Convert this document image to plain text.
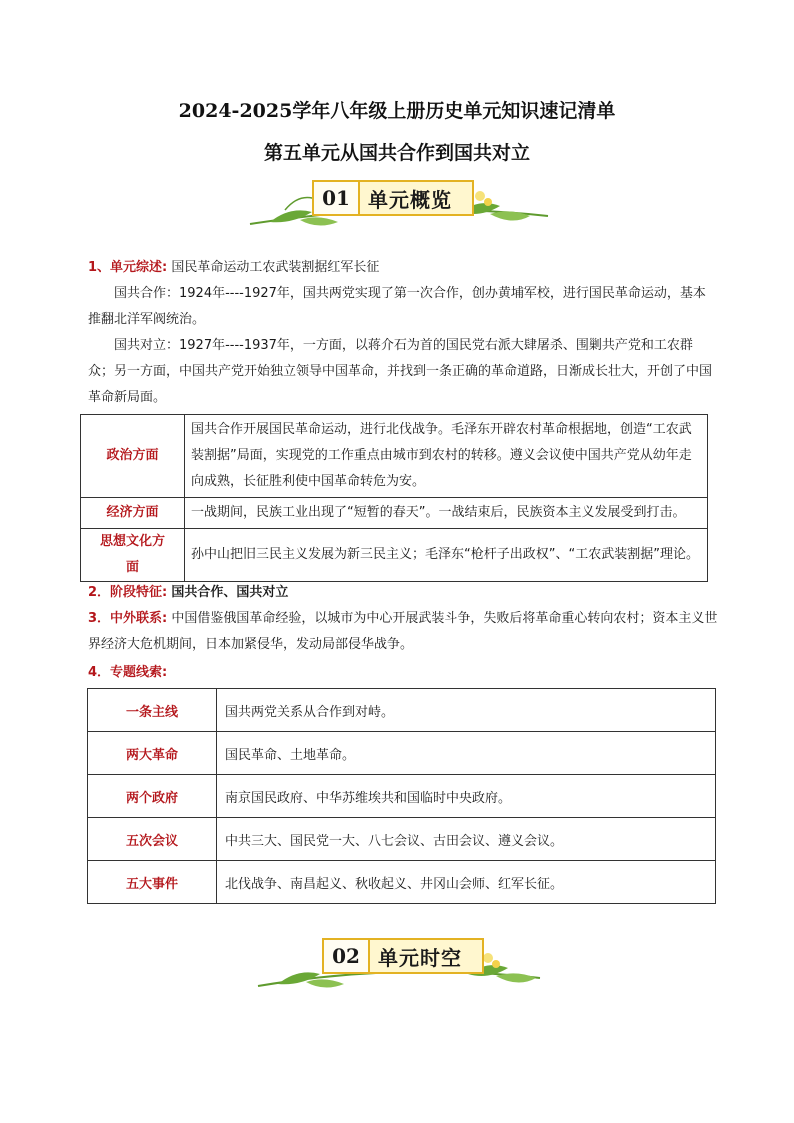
2024-2025学年八年级上册历史单元知识速记清单
第五单元从国共合作到国共对立
01 单元概览
1、单元综述: 国民革命运动工农武装割据红军长征
国共合作：1924年----1927年，国共两党实现了第一次合作，创办黄埔军校，进行国民革命运动，基本推翻北洋军阀统治。
国共对立：1927年----1937年，一方面，以蒋介石为首的国民党右派大肆屠杀、围剿共产党和工农群众；另一方面，中国共产党开始独立领导中国革命，并找到一条正确的革命道路，日渐成长壮大，开创了中国革命新局面。
政治方面	国共合作开展国民革命运动，进行北伐战争。毛泽东开辟农村革命根据地，创造“工农武装割据”局面，实现党的工作重点由城市到农村的转移。遵义会议使中国共产党从幼年走向成熟，长征胜利使中国革命转危为安。
经济方面	一战期间，民族工业出现了“短暂的春天”。一战结束后，民族资本主义发展受到打击。
思想文化方面	孙中山把旧三民主义发展为新三民主义；毛泽东“枪杆子出政权”、“工农武装割据”理论。
2．阶段特征: 国共合作、国共对立
3．中外联系: 中国借鉴俄国革命经验，以城市为中心开展武装斗争，失败后将革命重心转向农村；资本主义世界经济大危机期间，日本加紧侵华，发动局部侵华战争。
4．专题线索:
一条主线	国共两党关系从合作到对峙。
两大革命	国民革命、土地革命。
两个政府	南京国民政府、中华苏维埃共和国临时中央政府。
五次会议	中共三大、国民党一大、八七会议、古田会议、遵义会议。
五大事件	北伐战争、南昌起义、秋收起义、井冈山会师、红军长征。
02 单元时空
